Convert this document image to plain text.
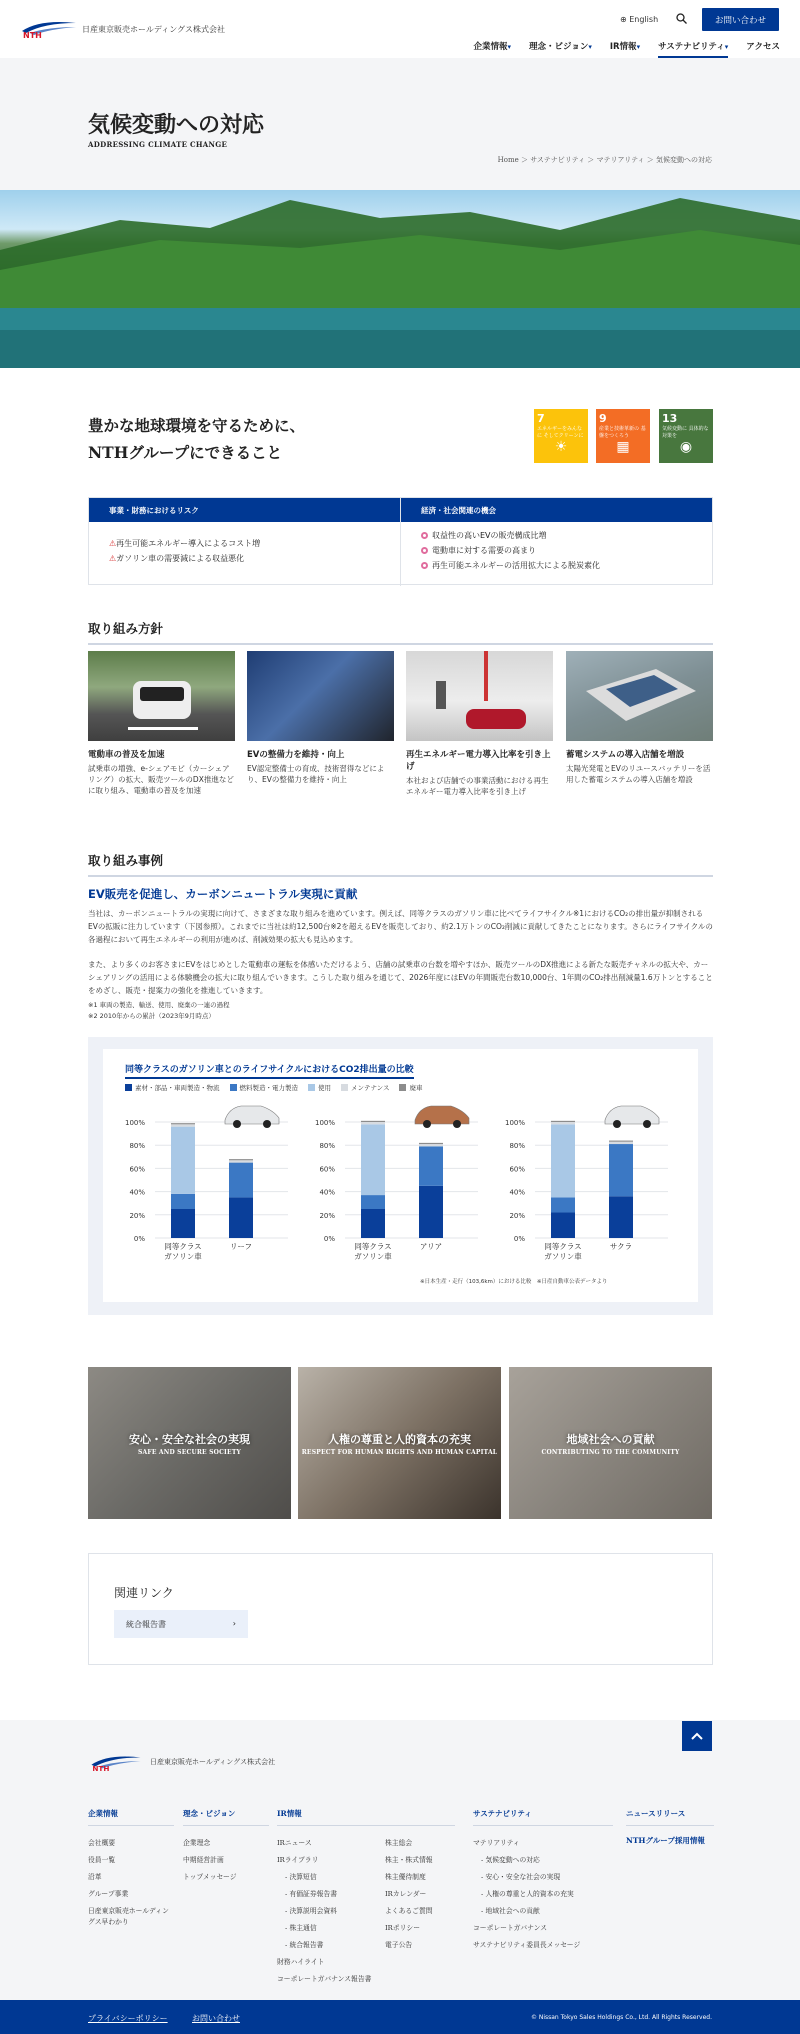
NTH
日産東京販売ホールディングス株式会社
⊕ English	お問い合わせ
企業情報▾ 理念・ビジョン▾ IR情報▾ サステナビリティ▾ アクセス
気候変動への対応
ADDRESSING CLIMATE CHANGE
Home ＞ サステナビリティ ＞ マテリアリティ ＞ 気候変動への対応
豊かな地球環境を守るために、
NTHグループにできること
7
エネルギーをみんなに そしてクリーンに
☀
9
産業と技術革新の 基盤をつくろう
▦
13
気候変動に 具体的な対策を
◉
事業・財務におけるリスク
⚠再生可能エネルギー導入によるコスト増
⚠ガソリン車の需要減による収益悪化
経済・社会関連の機会
収益性の高いEVの販売構成比増
電動車に対する需要の高まり
再生可能エネルギーの活用拡大による脱炭素化
取り組み方針
電動車の普及を加速
試乗車の増強、e-シェアモビ（カーシェアリング）の拡大、販売ツールのDX推進などに取り組み、電動車の普及を加速
EVの整備力を維持・向上
EV認定整備士の育成、技術習得などにより、EVの整備力を維持・向上
再生エネルギー電力導入比率を引き上げ
本社および店舗での事業活動における再生エネルギー電力導入比率を引き上げ
蓄電システムの導入店舗を増設
太陽光発電とEVのリユースバッテリーを活用した蓄電システムの導入店舗を増設
取り組み事例
EV販売を促進し、カーボンニュートラル実現に貢献

当社は、カーボンニュートラルの実現に向けて、さまざまな取り組みを進めています。例えば、同等クラスのガソリン車に比べてライフサイクル※1におけるCO₂の排出量が抑制されるEVの拡販に注力しています（下図参照）。これまでに当社は約12,500台※2を超えるEVを販売しており、約2.1万トンのCO₂削減に貢献してきたことになります。さらにライフサイクルの各過程において再生エネルギーの利用が進めば、削減効果の拡大も見込めます。

また、より多くのお客さまにEVをはじめとした電動車の運転を体感いただけるよう、店舗の試乗車の台数を増やすほか、販売ツールのDX推進による新たな販売チャネルの拡大や、カーシェアリングの活用による体験機会の拡大に取り組んでいきます。こうした取り組みを通じて、2026年度にはEVの年間販売台数10,000台、1年間のCO₂排出削減量1.6万トンとすることをめざし、販売・提案力の強化を推進していきます。

※1 車両の製造、輸送、使用、廃棄の一連の過程
※2 2010年からの累計（2023年9月時点）

同等クラスのガソリン車とのライフサイクルにおけるCO2排出量の比較
素材・部品・車両製造・物流	燃料製造・電力製造	使用	メンテナンス	廃車
100%
80%
60%
40%
20%
0%
同等クラス
ガソリン車
リーフ
100%
80%
60%
40%
20%
0%
同等クラス
ガソリン車
アリア
100%
80%
60%
40%
20%
0%
同等クラス
ガソリン車
サクラ
※日本生産・走行（103,6km）における比較　※日産自動車公表データより
安心・安全な社会の実現
SAFE AND SECURE SOCIETY
人権の尊重と人的資本の充実
RESPECT FOR HUMAN RIGHTS AND HUMAN CAPITAL
地域社会への貢献
CONTRIBUTING TO THE COMMUNITY
関連リンク
統合報告書	›
NTH
日産東京販売ホールディングス株式会社
企業情報
会社概要
役員一覧
沿革
グループ事業
日産東京販売ホールディングス早わかり
理念・ビジョン
企業理念
中期経営計画
トップメッセージ
IR情報
IRニュース
IRライブラリ
- 決算短信
- 有価証券報告書
- 決算説明会資料
- 株主通信
- 統合報告書
財務ハイライト
コーポレートガバナンス報告書
株主総会
株主・株式情報
株主優待制度
IRカレンダー
よくあるご質問
IRポリシー
電子公告
サステナビリティ
マテリアリティ
- 気候変動への対応
- 安心・安全な社会の実現
- 人権の尊重と人的資本の充実
- 地域社会への貢献
コーポレートガバナンス
サステナビリティ委員長メッセージ
ニュースリリース
NTHグループ採用情報
プライバシーポリシー	お問い合わせ	© Nissan Tokyo Sales Holdings Co., Ltd. All Rights Reserved.
